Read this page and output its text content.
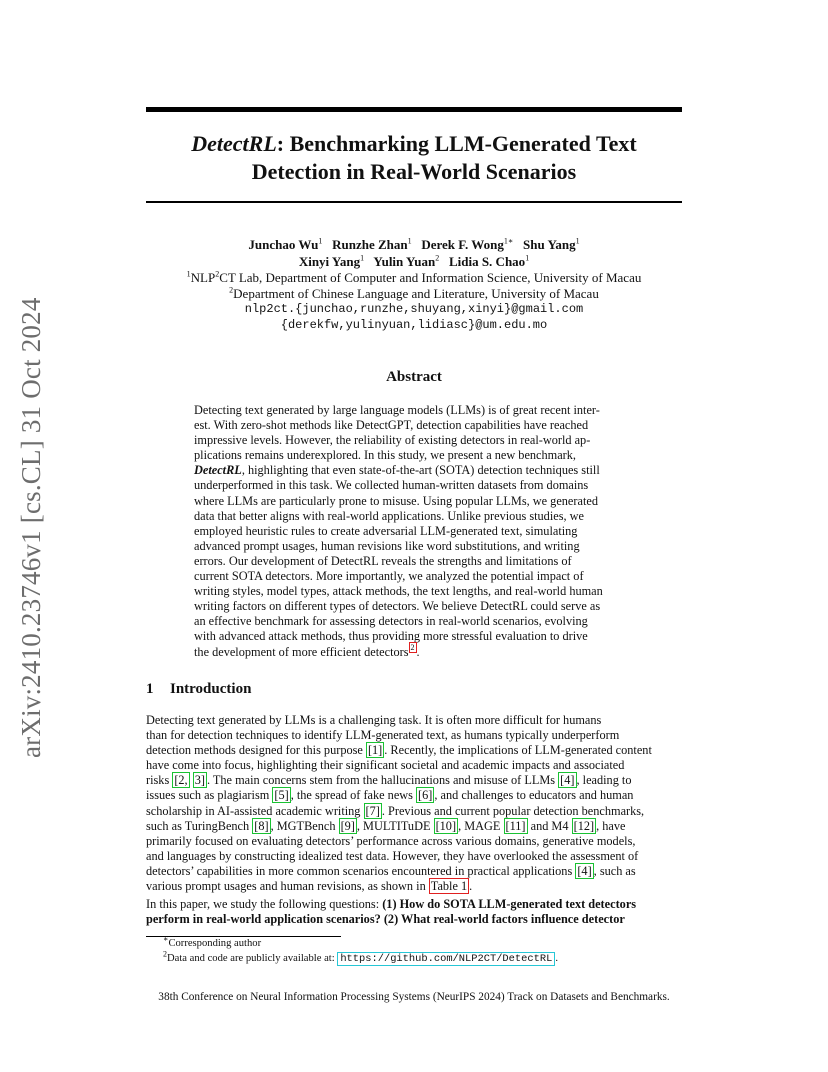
arXiv:2410.23746v1 [cs.CL] 31 Oct 2024
DetectRL: Benchmarking LLM-Generated Text
Detection in Real-World Scenarios
Junchao Wu$^1$ Runzhe Zhan$^1$ Derek F. Wong$^{1∗}$ Shu Yang$^1$
Xinyi Yang$^1$ Yulin Yuan$^2$ Lidia S. Chao$^1$
$^1$NLP$^2$CT Lab, Department of Computer and Information Science, University of Macau
$^2$Department of Chinese Language and Literature, University of Macau
nlp2ct.{junchao,runzhe,shuyang,xinyi}@gmail.com
{derekfw,yulinyuan,lidiasc}@um.edu.mo
Abstract
Detecting text generated by large language models (LLMs) is of great recent inter-
est. With zero-shot methods like DetectGPT, detection capabilities have reached
impressive levels. However, the reliability of existing detectors in real-world ap-
plications remains underexplored. In this study, we present a new benchmark,
DetectRL, highlighting that even state-of-the-art (SOTA) detection techniques still
underperformed in this task. We collected human-written datasets from domains
where LLMs are particularly prone to misuse. Using popular LLMs, we generated
data that better aligns with real-world applications. Unlike previous studies, we
employed heuristic rules to create adversarial LLM-generated text, simulating
advanced prompt usages, human revisions like word substitutions, and writing
errors. Our development of DetectRL reveals the strengths and limitations of
current SOTA detectors. More importantly, we analyzed the potential impact of
writing styles, model types, attack methods, the text lengths, and real-world human
writing factors on different types of detectors. We believe DetectRL could serve as
an effective benchmark for assessing detectors in real-world scenarios, evolving
with advanced attack methods, thus providing more stressful evaluation to drive
the development of more efficient detectors $^2$ .
1 Introduction
Detecting text generated by LLMs is a challenging task. It is often more difficult for humans
than for detection techniques to identify LLM-generated text, as humans typically underperform
detection methods designed for this purpose [1] . Recently, the implications of LLM-generated content
have come into focus, highlighting their significant societal and academic impacts and associated
risks [2, 3] . The main concerns stem from the hallucinations and misuse of LLMs [4] , leading to
issues such as plagiarism [5] , the spread of fake news [6] , and challenges to educators and human
scholarship in AI-assisted academic writing [7] . Previous and current popular detection benchmarks,
such as TuringBench [8] , MGTBench [9] , MULTITuDE [10] , MAGE [11] and M4 [12] , have
primarily focused on evaluating detectors’ performance across various domains, generative models,
and languages by constructing idealized test data. However, they have overlooked the assessment of
detectors’ capabilities in more common scenarios encountered in practical applications [4] , such as
various prompt usages and human revisions, as shown in Table 1 .
In this paper, we study the following questions: (1) How do SOTA LLM-generated text detectors
perform in real-world application scenarios? (2) What real-world factors influence detector
∗Corresponding author
$^2$Data and code are publicly available at: https://github.com/NLP2CT/DetectRL .
38th Conference on Neural Information Processing Systems (NeurIPS 2024) Track on Datasets and Benchmarks.
